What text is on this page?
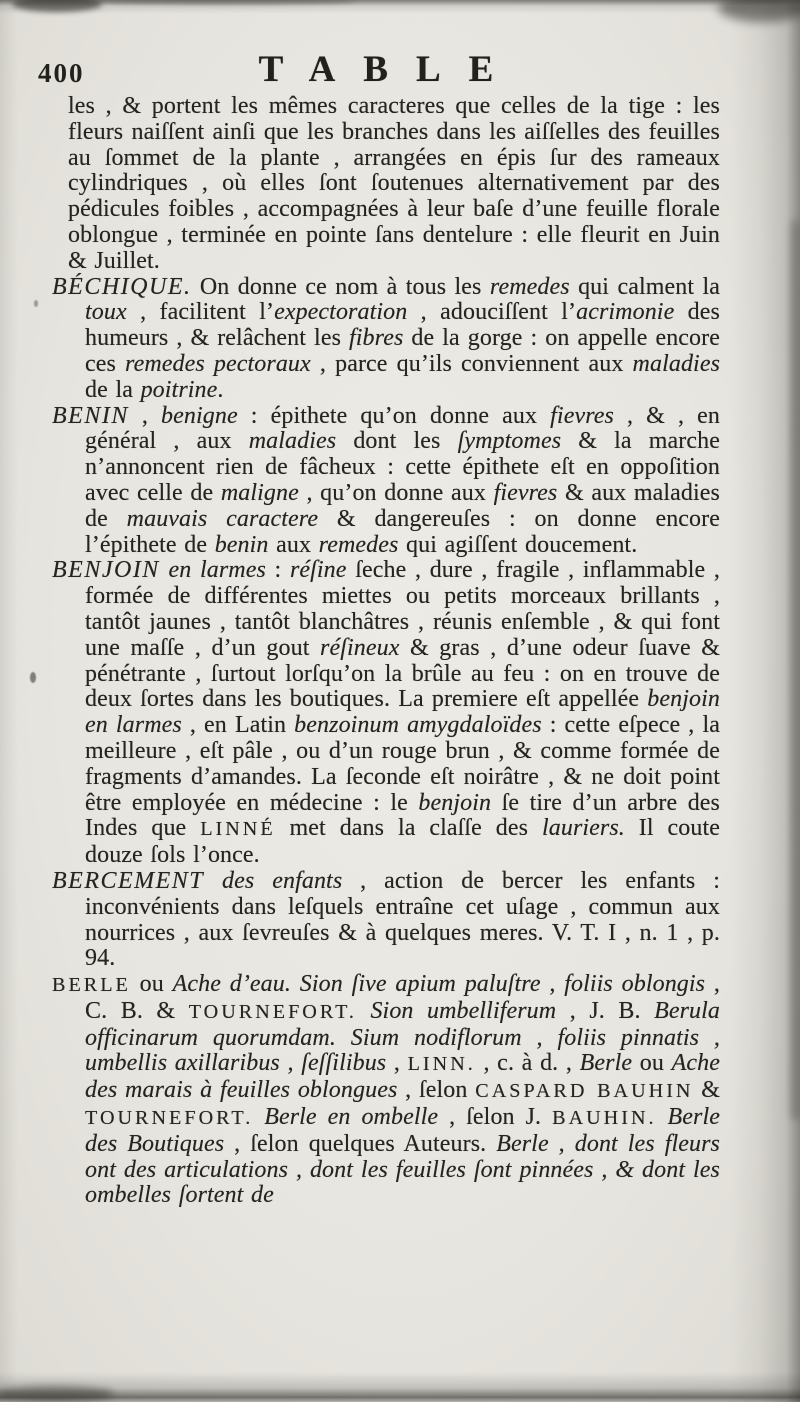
400	TABLE

les , & portent les mêmes caracteres que celles de la tige : les fleurs naiſſent ainſi que les branches dans les aiſſelles des feuilles au ſommet de la plante , arrangées en épis ſur des rameaux cylindriques , où elles ſont ſoutenues alternativement par des pédicules foibles , accompagnées à leur baſe d’une feuille florale oblongue , terminée en pointe ſans dentelure : elle fleurit en Juin & Juillet.

BÉCHIQUE. On donne ce nom à tous les remedes qui calment la toux , facilitent l’expectoration , adouciſſent l’acrimonie des humeurs , & relâchent les fibres de la gorge : on appelle encore ces remedes pectoraux , parce qu’ils conviennent aux maladies de la poitrine.

BENIN , benigne : épithete qu’on donne aux fievres , & , en général , aux maladies dont les ſymptomes & la marche n’annoncent rien de fâcheux : cette épithete eſt en oppoſition avec celle de maligne , qu’on donne aux fievres & aux maladies de mauvais caractere & dangereuſes : on donne encore l’épithete de benin aux remedes qui agiſſent doucement.

BENJOIN en larmes : réſine ſeche , dure , fragile , inflammable , formée de différentes miettes ou petits morceaux brillants , tantôt jaunes , tantôt blanchâtres , réunis enſemble , & qui font une maſſe , d’un gout réſineux & gras , d’une odeur ſuave & pénétrante , ſurtout lorſqu’on la brûle au feu : on en trouve de deux ſortes dans les boutiques. La premiere eſt appellée benjoin en larmes , en Latin benzoinum amygdaloïdes : cette eſpece , la meilleure , eſt pâle , ou d’un rouge brun , & comme formée de fragments d’amandes. La ſeconde eſt noirâtre , & ne doit point être employée en médecine : le benjoin ſe tire d’un arbre des Indes que LINNÉ met dans la claſſe des lauriers. Il coute douze ſols l’once.

BERCEMENT des enfants , action de bercer les enfants : inconvénients dans leſquels entraîne cet uſage , commun aux nourrices , aux ſevreuſes & à quelques meres. V. T. I , n. 1 , p. 94.

BERLE ou Ache d’eau. Sion ſive apium paluſtre , foliis oblongis , C. B. & TOURNEFORT. Sion umbelliferum , J. B. Berula officinarum quorumdam. Sium nodiflorum , foliis pinnatis , umbellis axillaribus , ſeſſilibus , LINN. , c. à d. , Berle ou Ache des marais à feuilles oblongues , ſelon CASPARD BAUHIN & TOURNEFORT. Berle en ombelle , ſelon J. BAUHIN. Berle des Boutiques , ſelon quelques Auteurs. Berle , dont les fleurs ont des articulations , dont les feuilles ſont pinnées , & dont les ombelles ſortent de
